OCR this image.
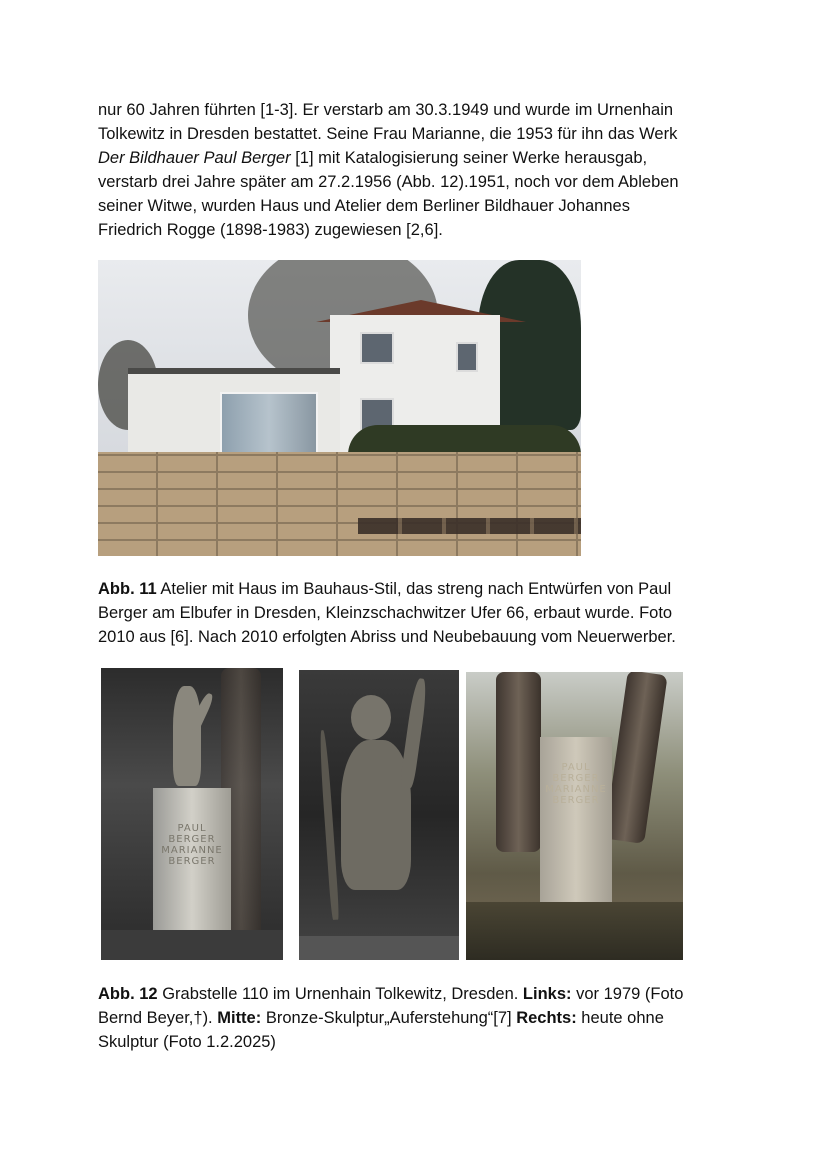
nur 60 Jahren führten [1-3]. Er verstarb am 30.3.1949 und wurde im Urnenhain
Tolkewitz in Dresden bestattet. Seine Frau Marianne, die 1953 für ihn das Werk
Der Bildhauer Paul Berger [1] mit Katalogisierung seiner Werke herausgab,
verstarb drei Jahre später am 27.2.1956 (Abb. 12).1951, noch vor dem Ableben
seiner Witwe, wurden Haus und Atelier dem Berliner Bildhauer Johannes
Friedrich Rogge (1898-1983) zugewiesen [2,6].
Abb. 11 Atelier mit Haus im Bauhaus-Stil, das streng nach Entwürfen von Paul
Berger am Elbufer in Dresden, Kleinzschachwitzer Ufer 66, erbaut wurde. Foto
2010 aus [6]. Nach 2010 erfolgten Abriss und Neubebauung vom Neuerwerber.
PAUL
BERGER
MARIANNE
BERGER
PAUL
BERGER
MARIANNE
BERGER
Abb. 12 Grabstelle 110 im Urnenhain Tolkewitz, Dresden. Links: vor 1979 (Foto
Bernd Beyer,†). Mitte: Bronze-Skulptur„Auferstehung“[7] Rechts: heute ohne
Skulptur (Foto 1.2.2025)
